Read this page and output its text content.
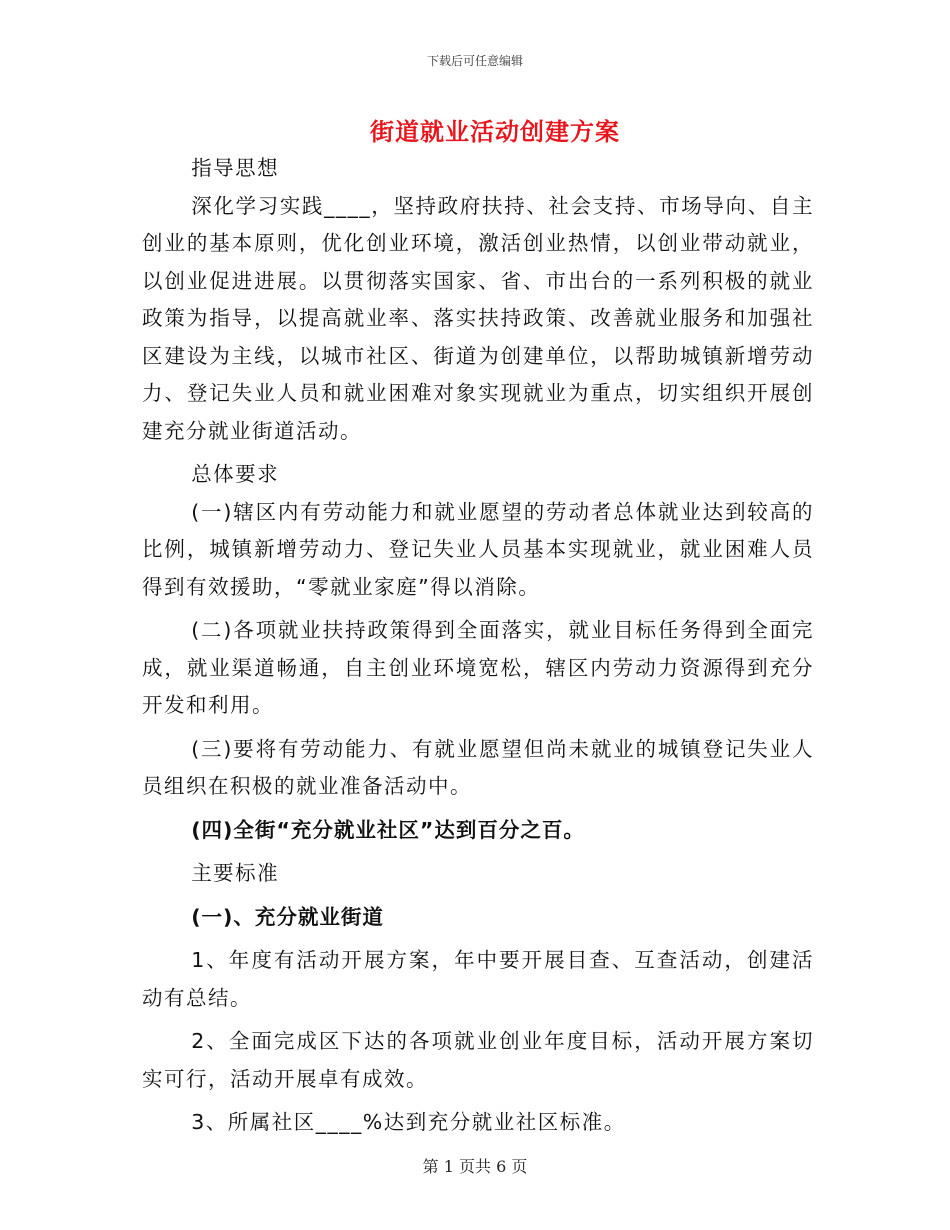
下载后可任意编辑
街道就业活动创建方案

指导思想

深化学习实践____，坚持政府扶持、社会支持、市场导向、自主创业的基本原则，优化创业环境，激活创业热情，以创业带动就业，以创业促进进展。以贯彻落实国家、省、市出台的一系列积极的就业政策为指导，以提高就业率、落实扶持政策、改善就业服务和加强社区建设为主线，以城市社区、街道为创建单位，以帮助城镇新增劳动力、登记失业人员和就业困难对象实现就业为重点，切实组织开展创建充分就业街道活动。

总体要求

(一)辖区内有劳动能力和就业愿望的劳动者总体就业达到较高的比例，城镇新增劳动力、登记失业人员基本实现就业，就业困难人员得到有效援助，“零就业家庭”得以消除。

(二)各项就业扶持政策得到全面落实，就业目标任务得到全面完成，就业渠道畅通，自主创业环境宽松，辖区内劳动力资源得到充分开发和利用。

(三)要将有劳动能力、有就业愿望但尚未就业的城镇登记失业人员组织在积极的就业准备活动中。

(四)全街“充分就业社区”达到百分之百。

主要标准

(一)、充分就业街道

1、年度有活动开展方案，年中要开展目查、互查活动，创建活动有总结。

2、全面完成区下达的各项就业创业年度目标，活动开展方案切实可行，活动开展卓有成效。

3、所属社区____%达到充分就业社区标准。

第 1 页共 6 页
